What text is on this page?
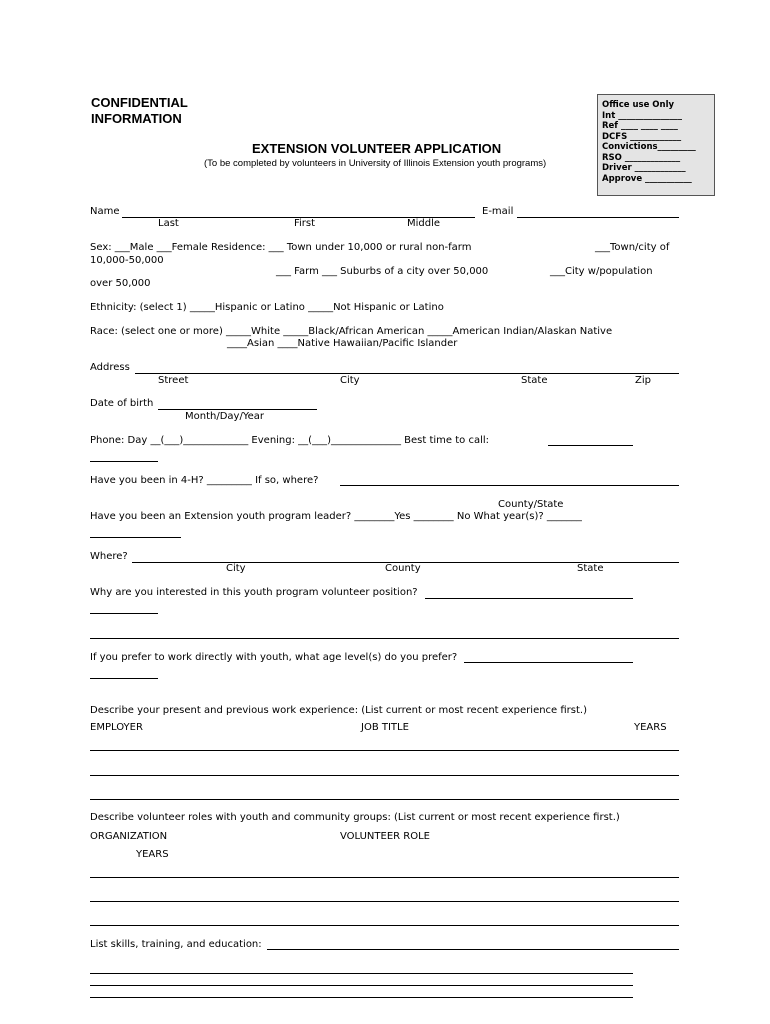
CONFIDENTIAL
INFORMATION
EXTENSION VOLUNTEER APPLICATION
(To be completed by volunteers in University of Illinois Extension youth programs)
Office use Only
Int _______________
Ref ____ ____ ____
DCFS ____________
Convictions_________
RSO _____________
Driver ____________
Approve ___________
Name	E-mail
Last	First	Middle
Sex: ___Male ___Female Residence: ___ Town under 10,000 or rural non-farm	___Town/city of
10,000-50,000
___ Farm ___ Suburbs of a city over 50,000	___City w/population
over 50,000
Ethnicity: (select 1) _____Hispanic or Latino _____Not Hispanic or Latino
Race: (select one or more) _____White _____Black/African American _____American Indian/Alaskan Native
____Asian ____Native Hawaiian/Pacific Islander
Address
Street	City	State	Zip
Date of birth
Month/Day/Year
Phone: Day __(___)_____________ Evening: __(___)______________ Best time to call:
Have you been in 4-H? _________ If so, where?
County/State
Have you been an Extension youth program leader? ________Yes ________ No What year(s)? _______
Where?
City	County	State
Why are you interested in this youth program volunteer position?
If you prefer to work directly with youth, what age level(s) do you prefer?
Describe your present and previous work experience: (List current or most recent experience first.)
EMPLOYER	JOB TITLE	YEARS
Describe volunteer roles with youth and community groups: (List current or most recent experience first.)
ORGANIZATION	VOLUNTEER ROLE
YEARS
List skills, training, and education:
